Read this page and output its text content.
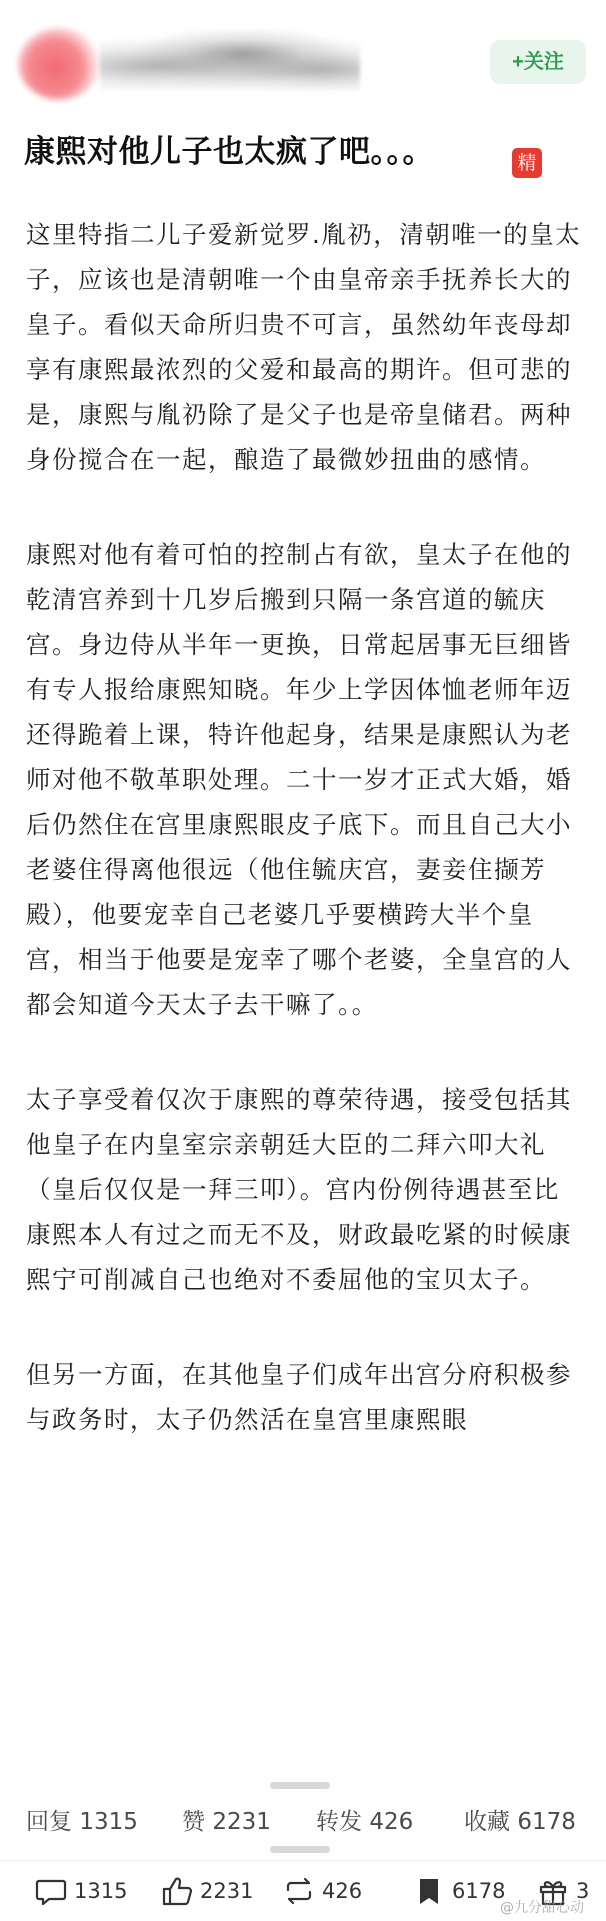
+关注
康熙对他儿子也太疯了吧。。。	精

这里特指二儿子爱新觉罗.胤礽，清朝唯一的皇太子，应该也是清朝唯一个由皇帝亲手抚养长大的皇子。看似天命所归贵不可言，虽然幼年丧母却享有康熙最浓烈的父爱和最高的期许。但可悲的是，康熙与胤礽除了是父子也是帝皇储君。两种身份搅合在一起，酿造了最微妙扭曲的感情。

康熙对他有着可怕的控制占有欲，皇太子在他的乾清宫养到十几岁后搬到只隔一条宫道的毓庆宫。身边侍从半年一更换，日常起居事无巨细皆有专人报给康熙知晓。年少上学因体恤老师年迈还得跪着上课，特许他起身，结果是康熙认为老师对他不敬革职处理。二十一岁才正式大婚，婚后仍然住在宫里康熙眼皮子底下。而且自己大小老婆住得离他很远（他住毓庆宫，妻妾住撷芳殿），他要宠幸自己老婆几乎要横跨大半个皇宫，相当于他要是宠幸了哪个老婆，全皇宫的人都会知道今天太子去干嘛了。。

太子享受着仅次于康熙的尊荣待遇，接受包括其他皇子在内皇室宗亲朝廷大臣的二拜六叩大礼（皇后仅仅是一拜三叩）。宫内份例待遇甚至比康熙本人有过之而无不及，财政最吃紧的时候康熙宁可削减自己也绝对不委屈他的宝贝太子。

但另一方面，在其他皇子们成年出宫分府积极参与政务时，太子仍然活在皇宫里康熙眼

回复 1315 赞 2231 转发 426 收藏 6178
1315	2231	426	6178	3
@九分甜心动
